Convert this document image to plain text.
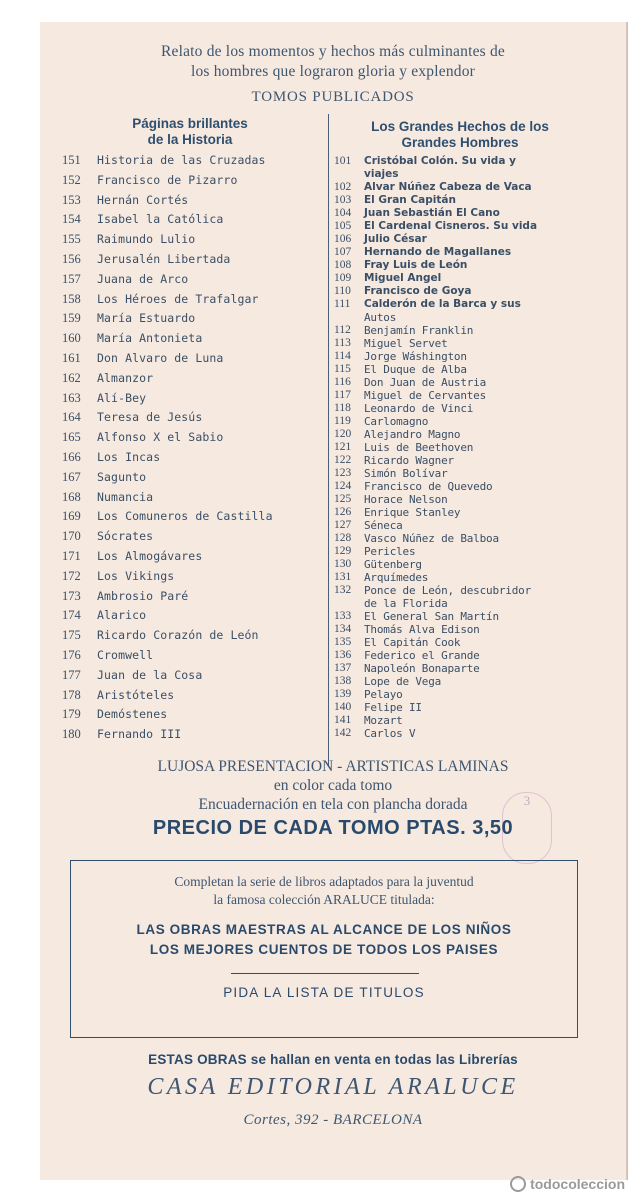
Relato de los momentos y hechos más culminantes de
los hombres que lograron gloria y explendor
TOMOS PUBLICADOS
Páginas brillantes
de la Historia
Los Grandes Hechos de los
Grandes Hombres
151	Historia de las Cruzadas
152	Francisco de Pizarro
153	Hernán Cortés
154	Isabel la Católica
155	Raimundo Lulio
156	Jerusalén Libertada
157	Juana de Arco
158	Los Héroes de Trafalgar
159	María Estuardo
160	María Antonieta
161	Don Alvaro de Luna
162	Almanzor
163	Alí-Bey
164	Teresa de Jesús
165	Alfonso X el Sabio
166	Los Incas
167	Sagunto
168	Numancia
169	Los Comuneros de Castilla
170	Sócrates
171	Los Almogávares
172	Los Vikings
173	Ambrosio Paré
174	Alarico
175	Ricardo Corazón de León
176	Cromwell
177	Juan de la Cosa
178	Aristóteles
179	Demóstenes
180	Fernando III
101	Cristóbal Colón. Su vida y
viajes
102	Alvar Núñez Cabeza de Vaca
103	El Gran Capitán
104	Juan Sebastián El Cano
105	El Cardenal Cisneros. Su vida
106	Julio César
107	Hernando de Magallanes
108	Fray Luis de León
109	Miguel Angel
110	Francisco de Goya
111	Calderón de la Barca y sus
Autos
112	Benjamín Franklin
113	Miguel Servet
114	Jorge Wáshington
115	El Duque de Alba
116	Don Juan de Austria
117	Miguel de Cervantes
118	Leonardo de Vinci
119	Carlomagno
120	Alejandro Magno
121	Luis de Beethoven
122	Ricardo Wagner
123	Simón Bolívar
124	Francisco de Quevedo
125	Horace Nelson
126	Enrique Stanley
127	Séneca
128	Vasco Núñez de Balboa
129	Pericles
130	Gütenberg
131	Arquímedes
132	Ponce de León, descubridor
de la Florida
133	El General San Martín
134	Thomás Alva Edison
135	El Capitán Cook
136	Federico el Grande
137	Napoleón Bonaparte
138	Lope de Vega
139	Pelayo
140	Felipe II
141	Mozart
142	Carlos V
LUJOSA PRESENTACION - ARTISTICAS LAMINAS
en color cada tomo
Encuadernación en tela con plancha dorada	3
PRECIO DE CADA TOMO PTAS. 3,50
Completan la serie de libros adaptados para la juventud
la famosa colección ARALUCE titulada:
LAS OBRAS MAESTRAS AL ALCANCE DE LOS NIÑOS
LOS MEJORES CUENTOS DE TODOS LOS PAISES
PIDA LA LISTA DE TITULOS
ESTAS OBRAS se hallan en venta en todas las Librerías
CASA EDITORIAL ARALUCE
Cortes, 392 - BARCELONA
todocoleccion
